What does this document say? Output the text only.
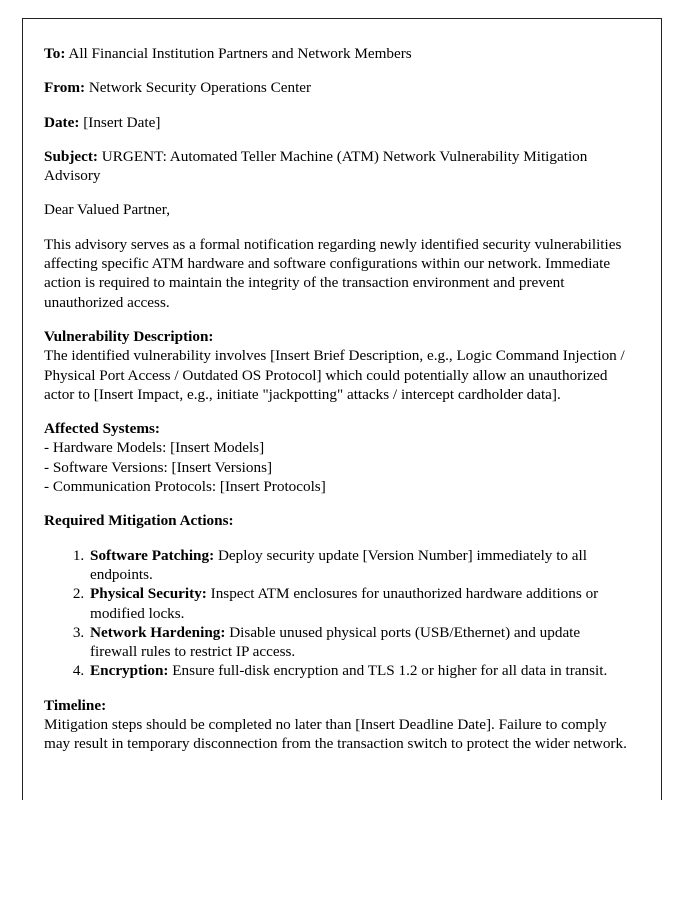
To: All Financial Institution Partners and Network Members

From: Network Security Operations Center

Date: [Insert Date]

Subject: URGENT: Automated Teller Machine (ATM) Network Vulnerability Mitigation Advisory

Dear Valued Partner,

This advisory serves as a formal notification regarding newly identified security vulnerabilities affecting specific ATM hardware and software configurations within our network. Immediate action is required to maintain the integrity of the transaction environment and prevent unauthorized access.

Vulnerability Description:

The identified vulnerability involves [Insert Brief Description, e.g., Logic Command Injection / Physical Port Access / Outdated OS Protocol] which could potentially allow an unauthorized actor to [Insert Impact, e.g., initiate "jackpotting" attacks / intercept cardholder data].

Affected Systems:

- Hardware Models: [Insert Models]

- Software Versions: [Insert Versions]

- Communication Protocols: [Insert Protocols]

Required Mitigation Actions:

1. Software Patching: Deploy security update [Version Number] immediately to all endpoints.
2. Physical Security: Inspect ATM enclosures for unauthorized hardware additions or modified locks.
3. Network Hardening: Disable unused physical ports (USB/Ethernet) and update firewall rules to restrict IP access.
4. Encryption: Ensure full-disk encryption and TLS 1.2 or higher for all data in transit.

Timeline:

Mitigation steps should be completed no later than [Insert Deadline Date]. Failure to comply may result in temporary disconnection from the transaction switch to protect the wider network.
